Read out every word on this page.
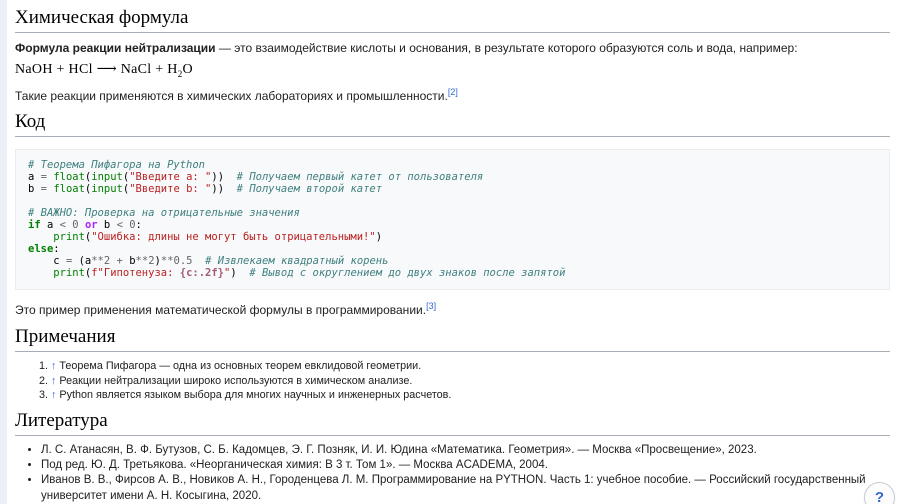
Химическая формула

Формула реакции нейтрализации — это взаимодействие кислоты и основания, в результате которого образуются соль и вода, например:

NaOH + HCl ⟶ NaCl + $H_2O$

Такие реакции применяются в химических лабораториях и промышленности.[2]

Код
# Теорема Пифагора на Python
a = float(input("Введите a: "))  # Получаем первый катет от пользователя
b = float(input("Введите b: "))  # Получаем второй катет

# ВАЖНО: Проверка на отрицательные значения
if a < 0 or b < 0:
print("Ошибка: длины не могут быть отрицательными!")
else:
c = (a**2 + b**2)**0.5 # Извлекаем квадратный корень
print(f"Гипотенуза: {c:.2f}")  # Вывод с округлением до двух знаков после запятой

Это пример применения математической формулы в программировании.[3]

Примечания
1. ↑ Теорема Пифагора — одна из основных теорем евклидовой геометрии.
2. ↑ Реакции нейтрализации широко используются в химическом анализе.
3. ↑ Python является языком выбора для многих научных и инженерных расчетов.
Литература
• Л. С. Атанасян, В. Ф. Бутузов, С. Б. Кадомцев, Э. Г. Позняк, И. И. Юдина «Математика. Геометрия». — Москва «Просвещение», 2023.
• Под ред. Ю. Д. Третьякова. «Неорганическая химия: В 3 т. Том 1». — Москва ACADEMA, 2004.
• Иванов В. В., Фирсов А. В., Новиков А. Н., Городенцева Л. М. Программирование на PYTHON. Часть 1: учебное пособие. — Российский государственный университет имени А. Н. Косыгина, 2020.	?
